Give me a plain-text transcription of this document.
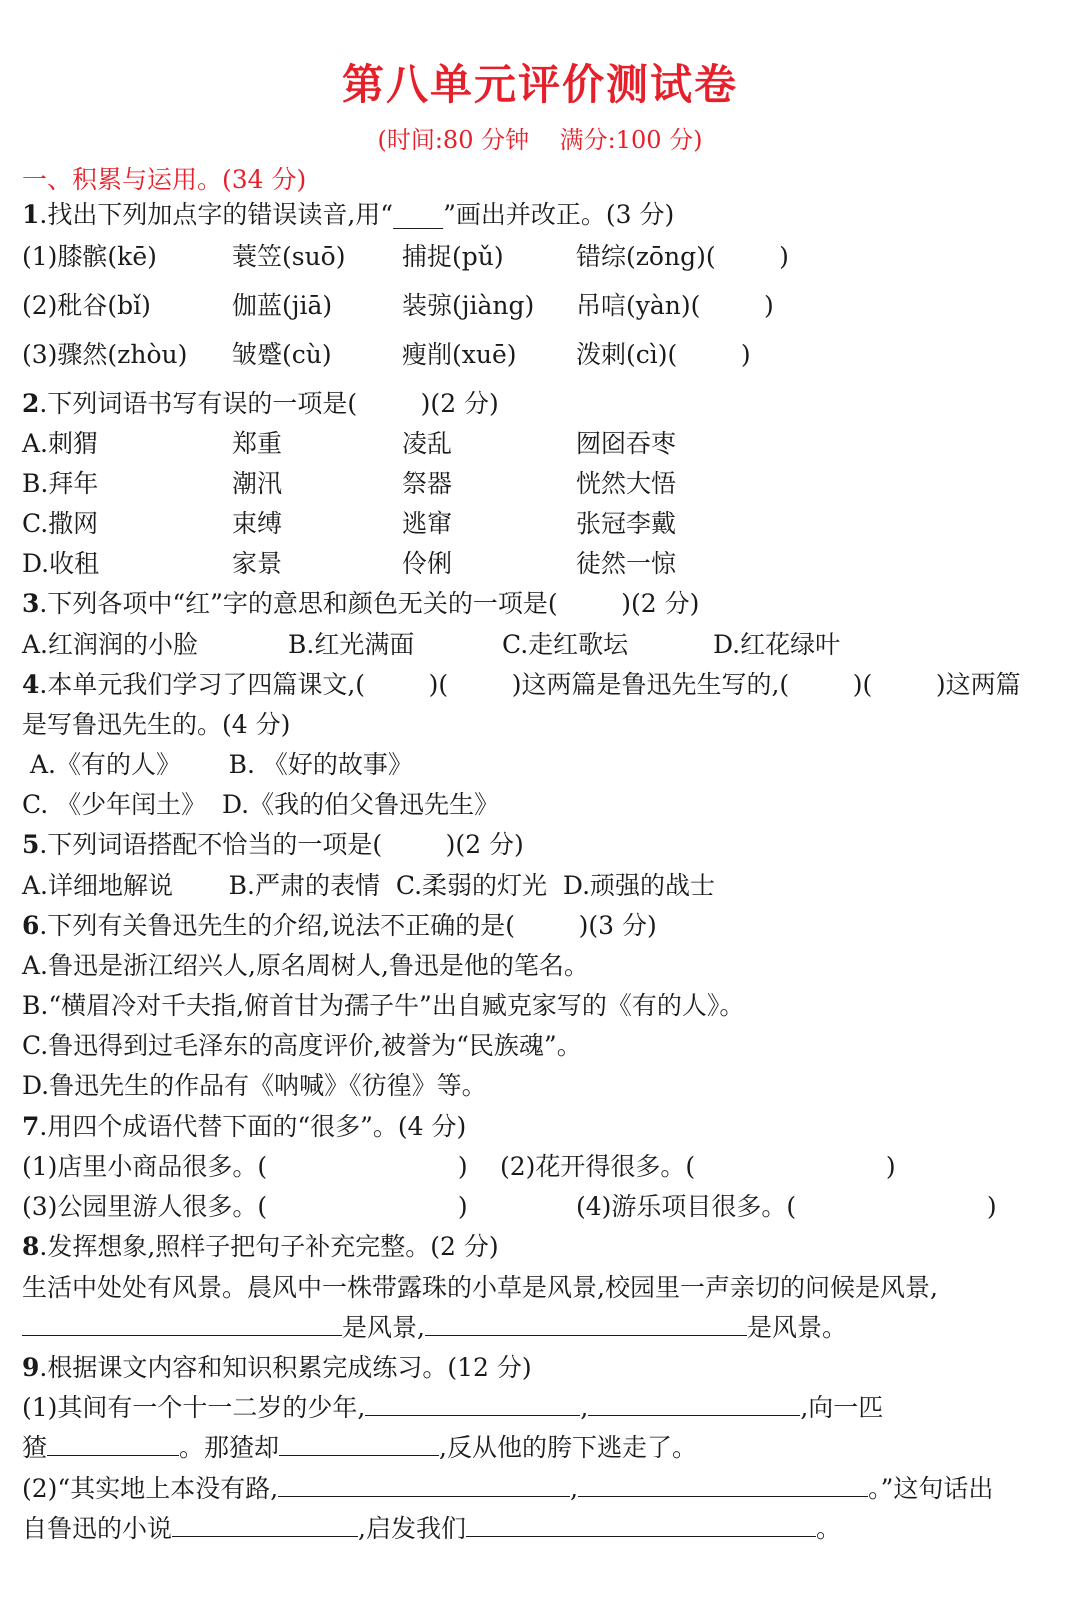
第八单元评价测试卷
(时间:80 分钟    满分:100 分)
一、积累与运用。(34 分)
1.找出下列加点字的错误读音,用“____”画出并改正。(3 分)
(1)膝髌(kē)	蓑笠(suō) 捕捉(pǔ)	错综(zōng)(        )
(2)秕谷(bǐ)	伽蓝(jiā)	装弶(jiàng) 吊唁(yàn)(        )
(3)骤然(zhòu) 皱蹙(cù)	瘦削(xuē) 泼刺(cì)(        )
2.下列词语书写有误的一项是(        )(2 分)
A.刺猬	郑重	凌乱	囫囵吞枣
B.拜年	潮汛	祭器	恍然大悟
C.撒网	束缚	逃窜	张冠李戴
D.收租	家景	伶俐	徒然一惊
3.下列各项中“红”字的意思和颜色无关的一项是(        )(2 分)
A.红润润的小脸	B.红光满面	C.走红歌坛	D.红花绿叶
4.本单元我们学习了四篇课文,(        )(        )这两篇是鲁迅先生写的,(        )(        )这两篇
是写鲁迅先生的。(4 分)
A.《有的人》      B. 《好的故事》
C. 《少年闰土》  D.《我的伯父鲁迅先生》
5.下列词语搭配不恰当的一项是(        )(2 分)
A.详细地解说       B.严肃的表情  C.柔弱的灯光  D.顽强的战士
6.下列有关鲁迅先生的介绍,说法不正确的是(        )(3 分)
A.鲁迅是浙江绍兴人,原名周树人,鲁迅是他的笔名。
B.“横眉冷对千夫指,俯首甘为孺子牛”出自臧克家写的《有的人》。
C.鲁迅得到过毛泽东的高度评价,被誉为“民族魂”。
D.鲁迅先生的作品有《呐喊》《彷徨》等。
7.用四个成语代替下面的“很多”。(4 分)
(1)店里小商品很多。(                        ) (2)花开得很多。(                        )
(3)公园里游人很多。(                        )	(4)游乐项目很多。(                        )
8.发挥想象,照样子把句子补充完整。(2 分)
生活中处处有风景。晨风中一株带露珠的小草是风景,校园里一声亲切的问候是风景,
是风景,	是风景。
9.根据课文内容和知识积累完成练习。(12 分)
(1)其间有一个十一二岁的少年,	,	,向一匹
猹	。那猹却	,反从他的胯下逃走了。
(2)“其实地上本没有路,	,	。”这句话出
自鲁迅的小说	,启发我们	。
